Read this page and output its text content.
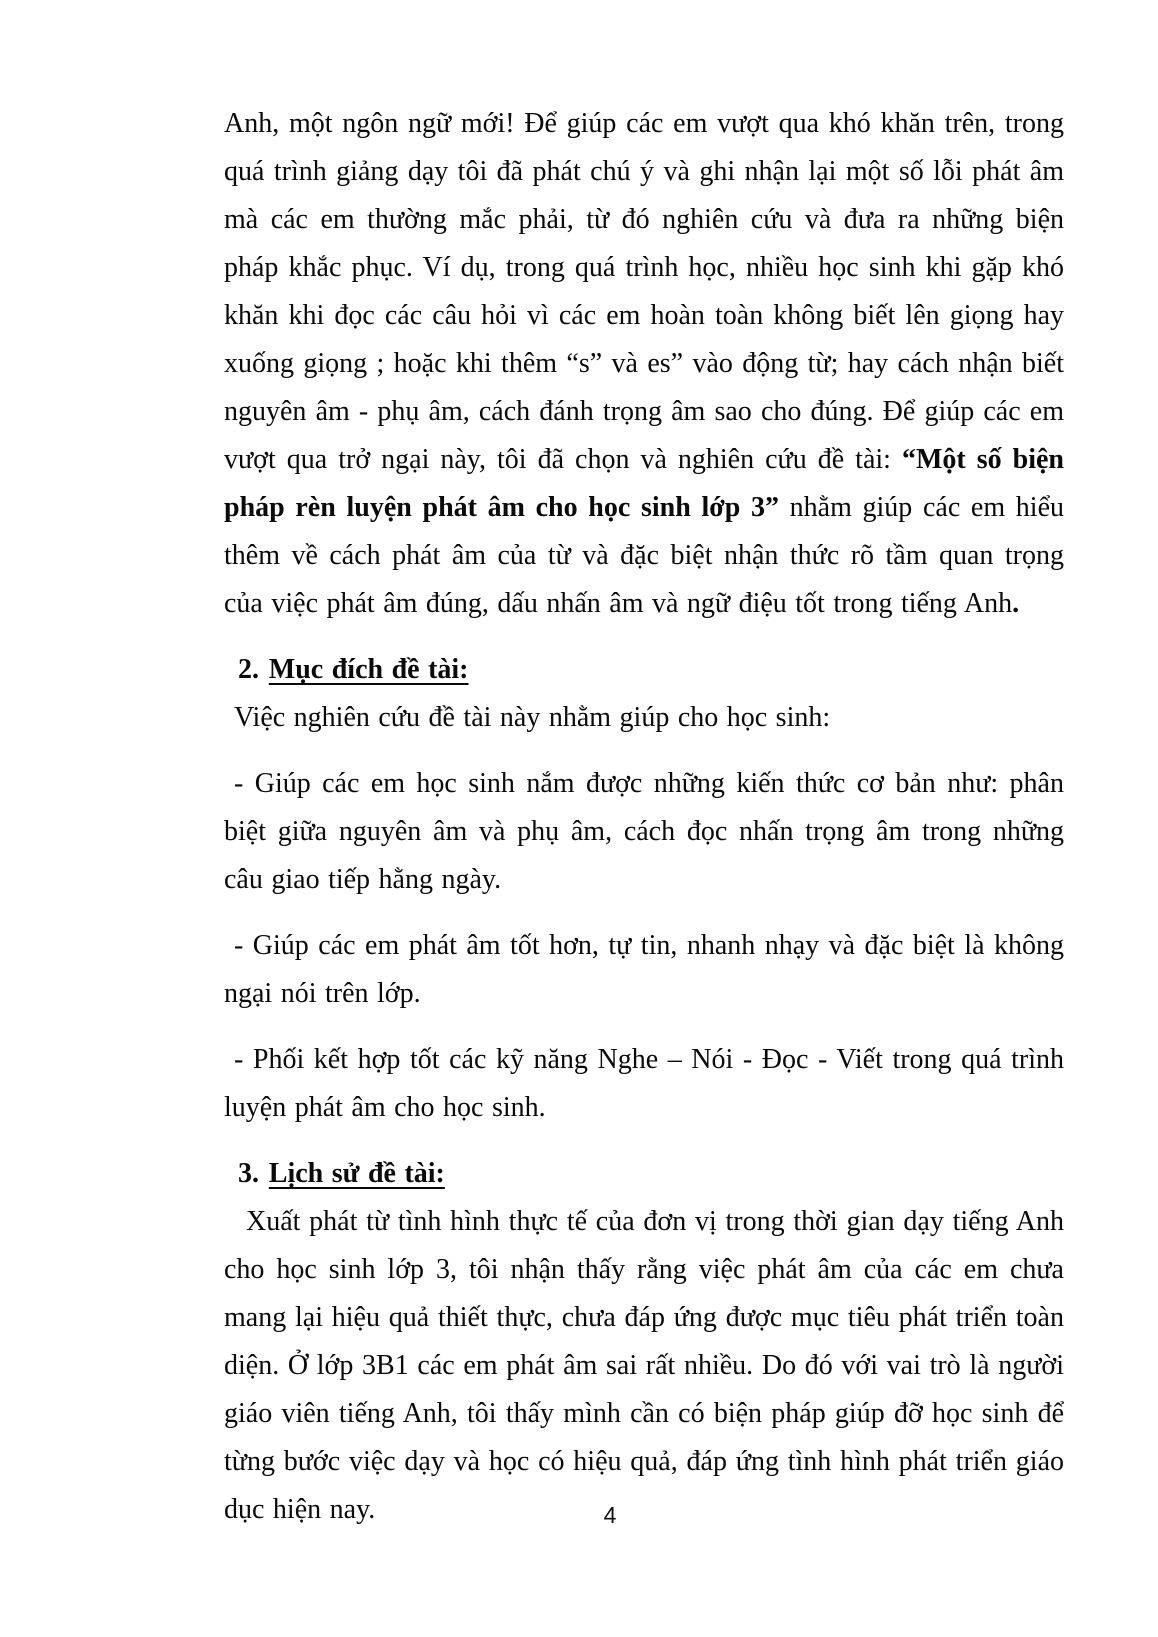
Anh, một ngôn ngữ mới! Để giúp các em vượt qua khó khăn trên, trong quá trình giảng dạy tôi đã phát chú ý và ghi nhận lại một số lỗi phát âm mà các em thường mắc phải, từ đó nghiên cứu và đưa ra những biện pháp khắc phục. Ví dụ, trong quá trình học, nhiều học sinh khi gặp khó khăn khi đọc các câu hỏi vì các em hoàn toàn không biết lên giọng hay xuống giọng ; hoặc khi thêm “s” và es” vào động từ; hay cách nhận biết nguyên âm - phụ âm, cách đánh trọng âm sao cho đúng. Để giúp các em vượt qua trở ngại này, tôi đã chọn và nghiên cứu đề tài: “Một số biện pháp rèn luyện phát âm cho học sinh lớp 3” nhằm giúp các em hiểu thêm về cách phát âm của từ và đặc biệt nhận thức rõ tầm quan trọng của việc phát âm đúng, dấu nhấn âm và ngữ điệu tốt trong tiếng Anh.

2. Mục đích đề tài:

Việc nghiên cứu đề tài này nhằm giúp cho học sinh:

- Giúp các em học sinh nắm được những kiến thức cơ bản như: phân biệt giữa nguyên âm và phụ âm, cách đọc nhấn trọng âm trong những câu giao tiếp hằng ngày.

- Giúp các em phát âm tốt hơn, tự tin, nhanh nhạy và đặc biệt là không ngại nói trên lớp.

- Phối kết hợp tốt các kỹ năng Nghe – Nói - Đọc - Viết trong quá trình luyện phát âm cho học sinh.

3. Lịch sử đề tài:

Xuất phát từ tình hình thực tế của đơn vị trong thời gian dạy tiếng Anh cho học sinh lớp 3, tôi nhận thấy rằng việc phát âm của các em chưa mang lại hiệu quả thiết thực, chưa đáp ứng được mục tiêu phát triển toàn diện. Ở lớp 3B1 các em phát âm sai rất nhiều. Do đó với vai trò là người giáo viên tiếng Anh, tôi thấy mình cần có biện pháp giúp đỡ học sinh để từng bước việc dạy và học có hiệu quả, đáp ứng tình hình phát triển giáo dục hiện nay.	4
